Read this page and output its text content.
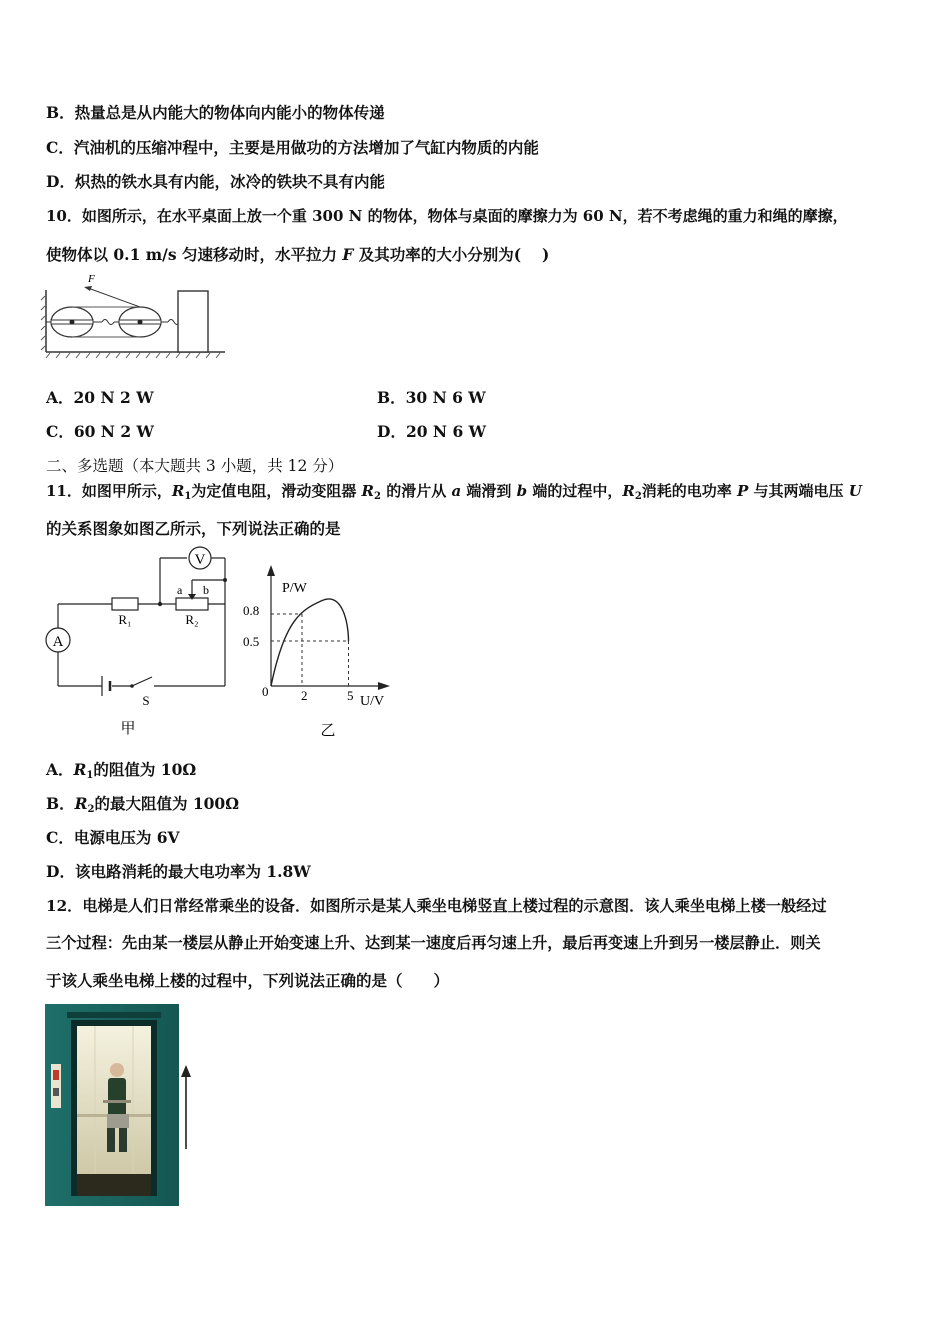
B．热量总是从内能大的物体向内能小的物体传递
C．汽油机的压缩冲程中，主要是用做功的方法增加了气缸内物质的内能
D．炽热的铁水具有内能，冰冷的铁块不具有内能
10．如图所示，在水平桌面上放一个重 300 N 的物体，物体与桌面的摩擦力为 60 N，若不考虑绳的重力和绳的摩擦，
使物体以 0.1 m/s 匀速移动时，水平拉力 F 及其功率的大小分别为(　 )
F
A．20 N 2 W	B．30 N 6 W
C．60 N 2 W	D．20 N 6 W
二、多选题（本大题共 3 小题，共 12 分）
11．如图甲所示，$R_1$为定值电阻，滑动变阻器 $R_2$ 的滑片从 a 端滑到 b 端的过程中，$R_2$消耗的电功率 P 与其两端电压 U
的关系图象如图乙所示，下列说法正确的是
V
A
a b
R₁	R₂
S
甲
P/W
U/V
0
0.8
0.5
2	5
乙
A．$R_1$的阻值为 10Ω
B．$R_2$的最大阻值为 100Ω
C．电源电压为 6V
D．该电路消耗的最大电功率为 1.8W
12．电梯是人们日常经常乘坐的设备．如图所示是某人乘坐电梯竖直上楼过程的示意图．该人乘坐电梯上楼一般经过
三个过程：先由某一楼层从静止开始变速上升、达到某一速度后再匀速上升，最后再变速上升到另一楼层静止．则关
于该人乘坐电梯上楼的过程中，下列说法正确的是（　　）
